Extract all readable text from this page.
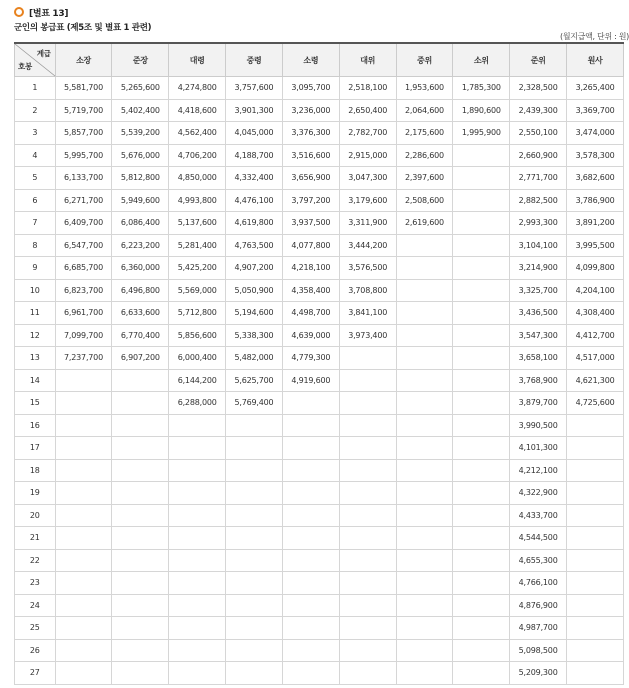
[별표 13]
군인의 봉급표 (제5조 및 별표 1 관련)
(월지급액, 단위 : 원)
계급
호봉	소장	준장	대령	중령	소령	대위	중위	소위	준위	원사
1	5,581,700	5,265,600	4,274,800	3,757,600	3,095,700	2,518,100	1,953,600	1,785,300	2,328,500	3,265,400
2	5,719,700	5,402,400	4,418,600	3,901,300	3,236,000	2,650,400	2,064,600	1,890,600	2,439,300	3,369,700
3	5,857,700	5,539,200	4,562,400	4,045,000	3,376,300	2,782,700	2,175,600	1,995,900	2,550,100	3,474,000
4	5,995,700	5,676,000	4,706,200	4,188,700	3,516,600	2,915,000	2,286,600		2,660,900	3,578,300
5	6,133,700	5,812,800	4,850,000	4,332,400	3,656,900	3,047,300	2,397,600		2,771,700	3,682,600
6	6,271,700	5,949,600	4,993,800	4,476,100	3,797,200	3,179,600	2,508,600		2,882,500	3,786,900
7	6,409,700	6,086,400	5,137,600	4,619,800	3,937,500	3,311,900	2,619,600		2,993,300	3,891,200
8	6,547,700	6,223,200	5,281,400	4,763,500	4,077,800	3,444,200			3,104,100	3,995,500
9	6,685,700	6,360,000	5,425,200	4,907,200	4,218,100	3,576,500			3,214,900	4,099,800
10	6,823,700	6,496,800	5,569,000	5,050,900	4,358,400	3,708,800			3,325,700	4,204,100
11	6,961,700	6,633,600	5,712,800	5,194,600	4,498,700	3,841,100			3,436,500	4,308,400
12	7,099,700	6,770,400	5,856,600	5,338,300	4,639,000	3,973,400			3,547,300	4,412,700
13	7,237,700	6,907,200	6,000,400	5,482,000	4,779,300				3,658,100	4,517,000
14			6,144,200	5,625,700	4,919,600				3,768,900	4,621,300
15			6,288,000	5,769,400					3,879,700	4,725,600
16									3,990,500	
17									4,101,300	
18									4,212,100	
19									4,322,900	
20									4,433,700	
21									4,544,500	
22									4,655,300	
23									4,766,100	
24									4,876,900	
25									4,987,700	
26									5,098,500	
27									5,209,300	
